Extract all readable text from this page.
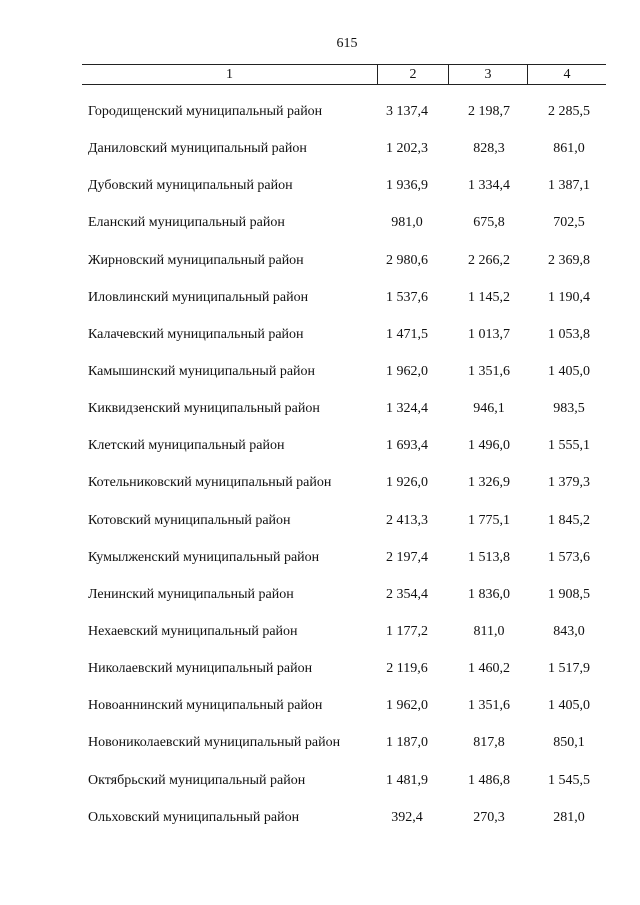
615
1	2	3	4
Городищенский муниципальный район	3 137,4	2 198,7	2 285,5
Даниловский муниципальный район	1 202,3	828,3	861,0
Дубовский муниципальный район	1 936,9	1 334,4	1 387,1
Еланский муниципальный район	981,0	675,8	702,5
Жирновский муниципальный район	2 980,6	2 266,2	2 369,8
Иловлинский муниципальный район	1 537,6	1 145,2	1 190,4
Калачевский муниципальный район	1 471,5	1 013,7	1 053,8
Камышинский муниципальный район	1 962,0	1 351,6	1 405,0
Киквидзенский муниципальный район	1 324,4	946,1	983,5
Клетский муниципальный район	1 693,4	1 496,0	1 555,1
Котельниковский муниципальный район	1 926,0	1 326,9	1 379,3
Котовский муниципальный район	2 413,3	1 775,1	1 845,2
Кумылженский муниципальный район	2 197,4	1 513,8	1 573,6
Ленинский муниципальный район	2 354,4	1 836,0	1 908,5
Нехаевский муниципальный район	1 177,2	811,0	843,0
Николаевский муниципальный район	2 119,6	1 460,2	1 517,9
Новоаннинский муниципальный район	1 962,0	1 351,6	1 405,0
Новониколаевский муниципальный район	1 187,0	817,8	850,1
Октябрьский муниципальный район	1 481,9	1 486,8	1 545,5
Ольховский муниципальный район	392,4	270,3	281,0
